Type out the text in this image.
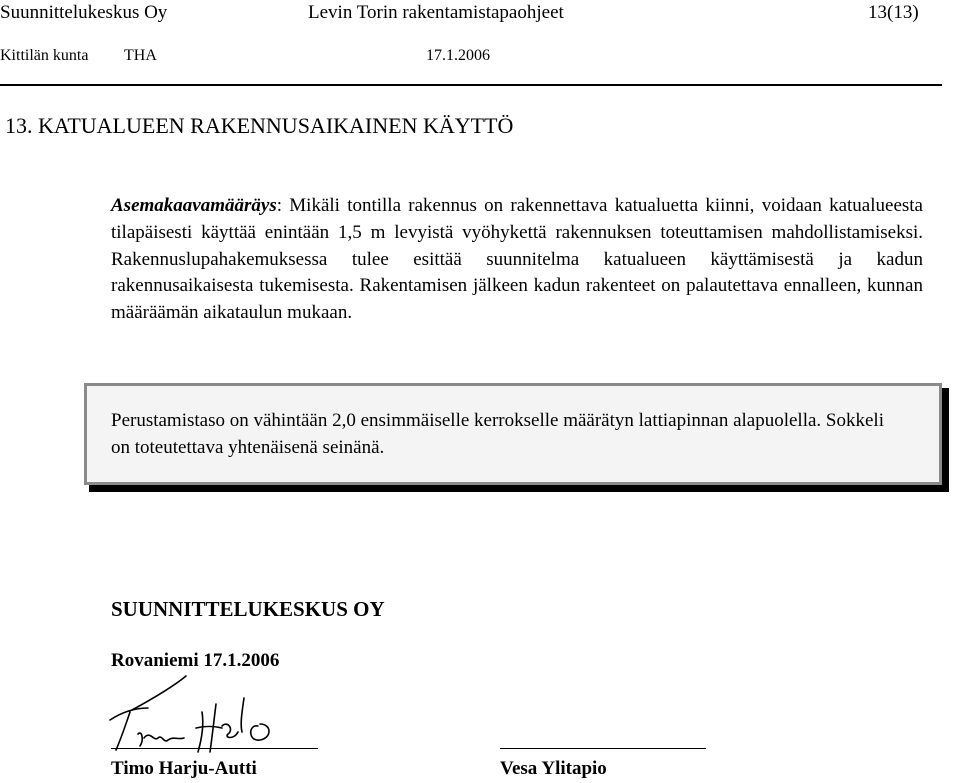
Suunnittelukeskus Oy	Levin Torin rakentamistapaohjeet	13(13)
Kittilän kunta THA	17.1.2006
13. KATUALUEEN RAKENNUSAIKAINEN KÄYTTÖ
Asemakaavamääräys: Mikäli tontilla rakennus on rakennettava katualuetta kiinni, voidaan katualueesta tilapäisesti käyttää enintään 1,5 m levyistä vyöhykettä rakennuksen toteuttamisen mahdollistamiseksi. Rakennuslupahakemuksessa tulee esittää suunnitelma katualueen käyttämisestä ja kadun rakennusaikaisesta tukemisesta. Rakentamisen jälkeen kadun rakenteet on palautettava ennalleen, kunnan määräämän aikataulun mukaan.
Perustamistaso on vähintään 2,0 ensimmäiselle kerrokselle määrätyn lattiapinnan alapuolella. Sokkeli on toteutettava yhtenäisenä seinänä.
SUUNNITTELUKESKUS OY
Rovaniemi 17.1.2006
Timo Harju-Autti	Vesa Ylitapio
